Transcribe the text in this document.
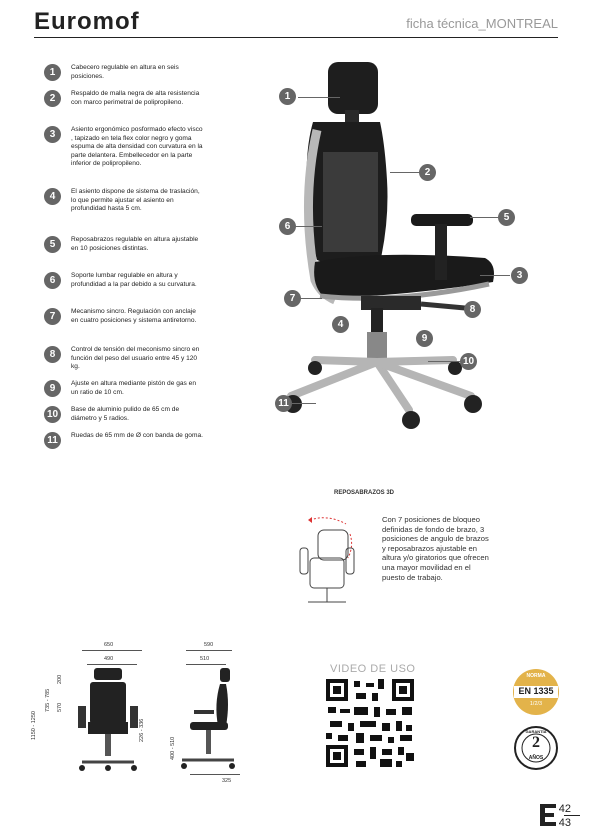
Euromof	ficha técnica_MONTREAL
1	Cabecero regulable en altura en seis posiciones.
2	Respaldo de malla negra de alta resistencia con marco perimetral de polipropileno.
3	Asiento ergonómico posformado efecto visco , tapizado en tela flex color negro y goma espuma de alta densidad con curvatura en la parte delantera. Embellecedor en la parte inferior de polipropileno.
4	El asiento dispone de sistema de traslación, lo que permite ajustar el asiento en profundidad hasta 5 cm.
5	Reposabrazos regulable en altura ajustable en 10 posiciones distintas.
6	Soporte lumbar regulable en altura y profundidad a la par debido a su curvatura.
7	Mecanismo sincro. Regulación con anclaje en cuatro posiciones y sistema antiretorno.
8	Control de tensión del meconismo sincro en función del peso del usuario entre 45 y 120 kg.
9	Ajuste en altura mediante pistón de gas en un ratio de 10 cm.
10	Base de aluminio pulido de 65 cm de diámetro y 5 radios.
11	Ruedas de 65 mm de Ø con banda de goma.
1
2
3
4
5
6
7
8
9
10
11
REPOSABRAZOS 3D
Con 7 posiciones de bloqueo definidas de fondo de brazo, 3 posiciones de angulo de brazos y reposabrazos ajustable en altura y/o giratorios que ofrecen una mayor movilidad en el puesto de trabajo.
650
490
1150 - 1250
735 - 785 570
200
226 - 336
590
510
400 - 510
325
VIDEO DE USO
NORMA
EN 1335
1/2/3
GARANTÍA
2
AÑOS
42
43
